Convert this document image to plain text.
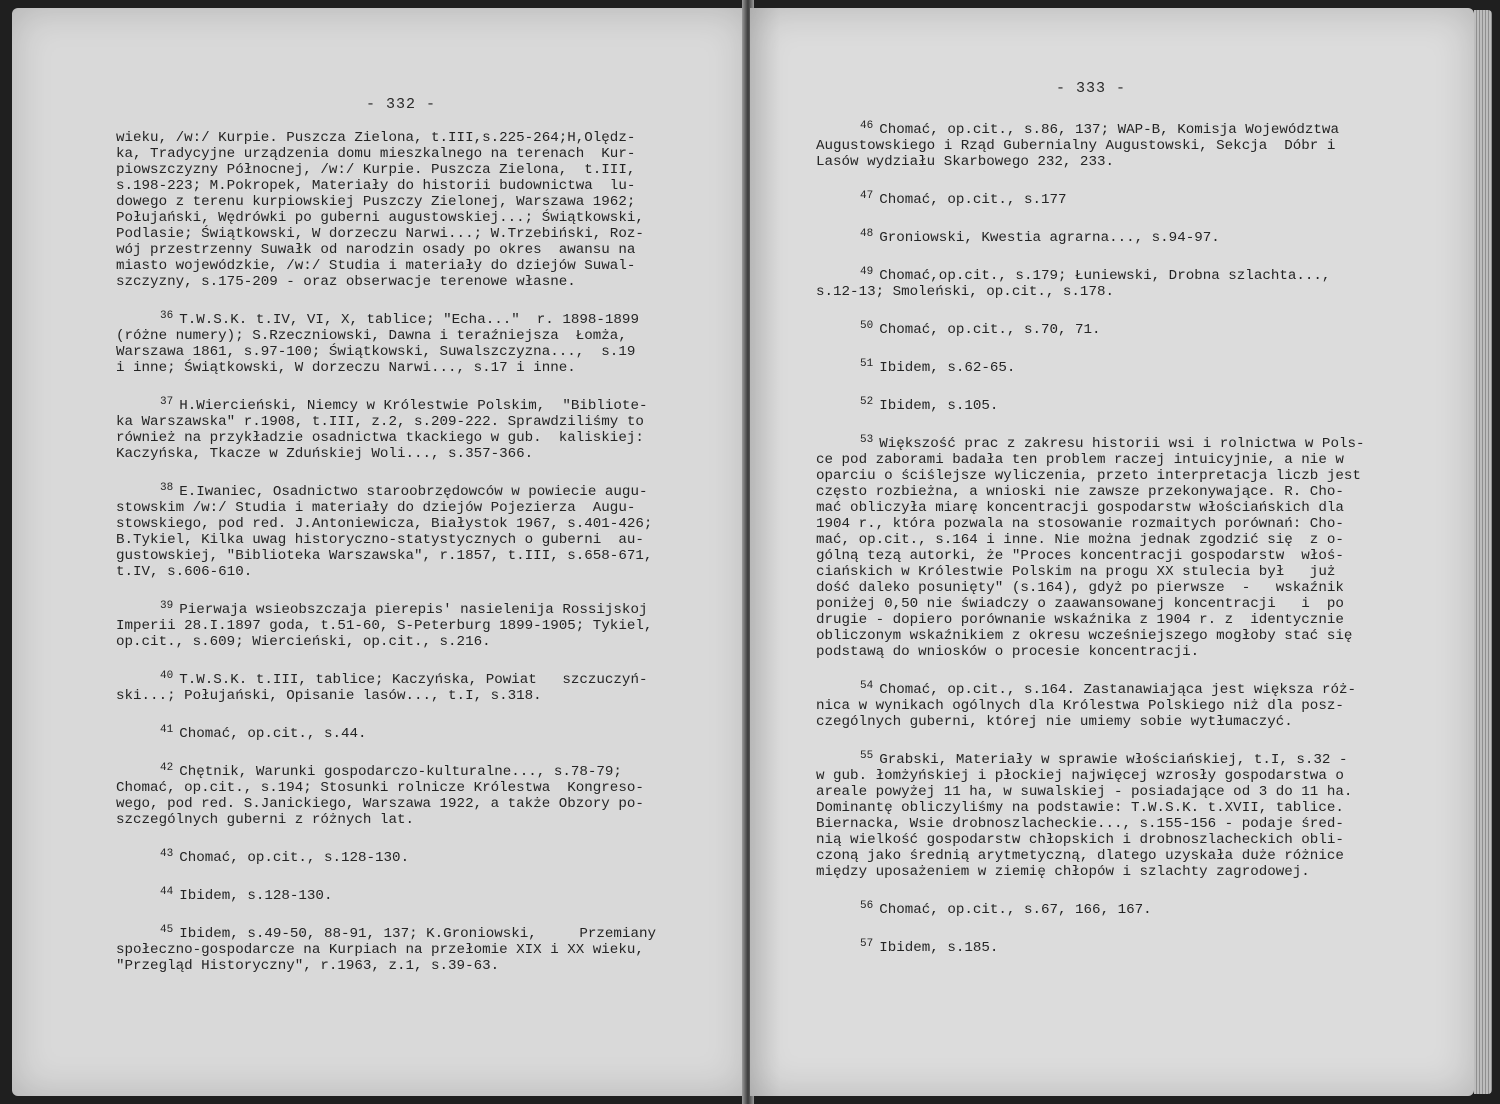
- 332 -
wieku, /w:/ Kurpie. Puszcza Zielona, t.III,s.225-264;H,Olędz-
ka, Tradycyjne urządzenia domu mieszkalnego na terenach  Kur-
piowszczyzny Północnej, /w:/ Kurpie. Puszcza Zielona,  t.III,
s.198-223; M.Pokropek, Materiały do historii budownictwa  lu-
dowego z terenu kurpiowskiej Puszczy Zielonej, Warszawa 1962;
Połujański, Wędrówki po guberni augustowskiej...; Świątkowski,
Podlasie; Świątkowski, W dorzeczu Narwi...; W.Trzebiński, Roz-
wój przestrzenny Suwałk od narodzin osady po okres  awansu na
miasto wojewódzkie, /w:/ Studia i materiały do dziejów Suwal-
szczyzny, s.175-209 - oraz obserwacje terenowe własne.
$^{36}$ T.W.S.K. t.IV, VI, X, tablice; "Echa..."  r. 1898-1899
(różne numery); S.Rzeczniowski, Dawna i teraźniejsza  Łomża,
Warszawa 1861, s.97-100; Świątkowski, Suwalszczyzna...,  s.19
i inne; Świątkowski, W dorzeczu Narwi..., s.17 i inne.
$^{37}$ H.Wiercieński, Niemcy w Królestwie Polskim,  "Bibliote-
ka Warszawska" r.1908, t.III, z.2, s.209-222. Sprawdziliśmy to
również na przykładzie osadnictwa tkackiego w gub.  kaliskiej:
Kaczyńska, Tkacze w Zduńskiej Woli..., s.357-366.
$^{38}$ E.Iwaniec, Osadnictwo staroobrzędowców w powiecie augu-
stowskim /w:/ Studia i materiały do dziejów Pojezierza  Augu-
stowskiego, pod red. J.Antoniewicza, Białystok 1967, s.401-426;
B.Tykiel, Kilka uwag historyczno-statystycznych o guberni  au-
gustowskiej, "Biblioteka Warszawska", r.1857, t.III, s.658-671,
t.IV, s.606-610.
$^{39}$ Pierwaja wsieobszczaja pierepis' nasielenija Rossijskoj
Imperii 28.I.1897 goda, t.51-60, S-Peterburg 1899-1905; Tykiel,
op.cit., s.609; Wiercieński, op.cit., s.216.
$^{40}$ T.W.S.K. t.III, tablice; Kaczyńska, Powiat   szczuczyń-
ski...; Połujański, Opisanie lasów..., t.I, s.318.
$^{41}$ Chomać, op.cit., s.44.
$^{42}$ Chętnik, Warunki gospodarczo-kulturalne..., s.78-79;
Chomać, op.cit., s.194; Stosunki rolnicze Królestwa  Kongreso-
wego, pod red. S.Janickiego, Warszawa 1922, a także Obzory po-
szczególnych guberni z różnych lat.
$^{43}$ Chomać, op.cit., s.128-130.
$^{44}$ Ibidem, s.128-130.
$^{45}$ Ibidem, s.49-50, 88-91, 137; K.Groniowski,     Przemiany
społeczno-gospodarcze na Kurpiach na przełomie XIX i XX wieku,
"Przegląd Historyczny", r.1963, z.1, s.39-63.
- 333 -
$^{46}$ Chomać, op.cit., s.86, 137; WAP-B, Komisja Województwa
Augustowskiego i Rząd Gubernialny Augustowski, Sekcja  Dóbr i
Lasów wydziału Skarbowego 232, 233.
$^{47}$ Chomać, op.cit., s.177
$^{48}$ Groniowski, Kwestia agrarna..., s.94-97.
$^{49}$ Chomać,op.cit., s.179; Łuniewski, Drobna szlachta...,
s.12-13; Smoleński, op.cit., s.178.
$^{50}$ Chomać, op.cit., s.70, 71.
$^{51}$ Ibidem, s.62-65.
$^{52}$ Ibidem, s.105.
$^{53}$ Większość prac z zakresu historii wsi i rolnictwa w Pols-
ce pod zaborami badała ten problem raczej intuicyjnie, a nie w
oparciu o ściślejsze wyliczenia, przeto interpretacja liczb jest
często rozbieżna, a wnioski nie zawsze przekonywające. R. Cho-
mać obliczyła miarę koncentracji gospodarstw włościańskich dla
1904 r., która pozwala na stosowanie rozmaitych porównań: Cho-
mać, op.cit., s.164 i inne. Nie można jednak zgodzić się  z o-
gólną tezą autorki, że "Proces koncentracji gospodarstw  włoś-
ciańskich w Królestwie Polskim na progu XX stulecia był   już
dość daleko posunięty" (s.164), gdyż po pierwsze  -   wskaźnik
poniżej 0,50 nie świadczy o zaawansowanej koncentracji   i  po
drugie - dopiero porównanie wskaźnika z 1904 r. z  identycznie
obliczonym wskaźnikiem z okresu wcześniejszego mogłoby stać się
podstawą do wniosków o procesie koncentracji.
$^{54}$ Chomać, op.cit., s.164. Zastanawiająca jest większa róż-
nica w wynikach ogólnych dla Królestwa Polskiego niż dla posz-
czególnych guberni, której nie umiemy sobie wytłumaczyć.
$^{55}$ Grabski, Materiały w sprawie włościańskiej, t.I, s.32 -
w gub. łomżyńskiej i płockiej najwięcej wzrosły gospodarstwa o
areale powyżej 11 ha, w suwalskiej - posiadające od 3 do 11 ha.
Dominantę obliczyliśmy na podstawie: T.W.S.K. t.XVII, tablice.
Biernacka, Wsie drobnoszlacheckie..., s.155-156 - podaje śred-
nią wielkość gospodarstw chłopskich i drobnoszlacheckich obli-
czoną jako średnią arytmetyczną, dlatego uzyskała duże różnice
między uposażeniem w ziemię chłopów i szlachty zagrodowej.
$^{56}$ Chomać, op.cit., s.67, 166, 167.
$^{57}$ Ibidem, s.185.
